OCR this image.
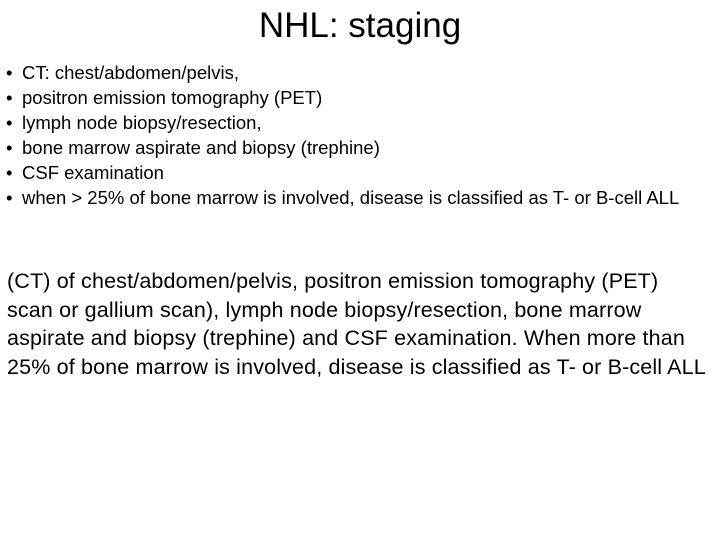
NHL: staging
• CT: chest/abdomen/pelvis,
• positron emission tomography (PET)
• lymph node biopsy/resection,
• bone marrow aspirate and biopsy (trephine)
• CSF examination
• when > 25% of bone marrow is involved, disease is classified as T- or B-cell ALL
(CT) of chest/abdomen/pelvis, positron emission tomography (PET) scan or gallium scan), lymph node biopsy/resection, bone marrow aspirate and biopsy (trephine) and CSF examination. When more than 25% of bone marrow is involved, disease is classified as T- or B-cell ALL
